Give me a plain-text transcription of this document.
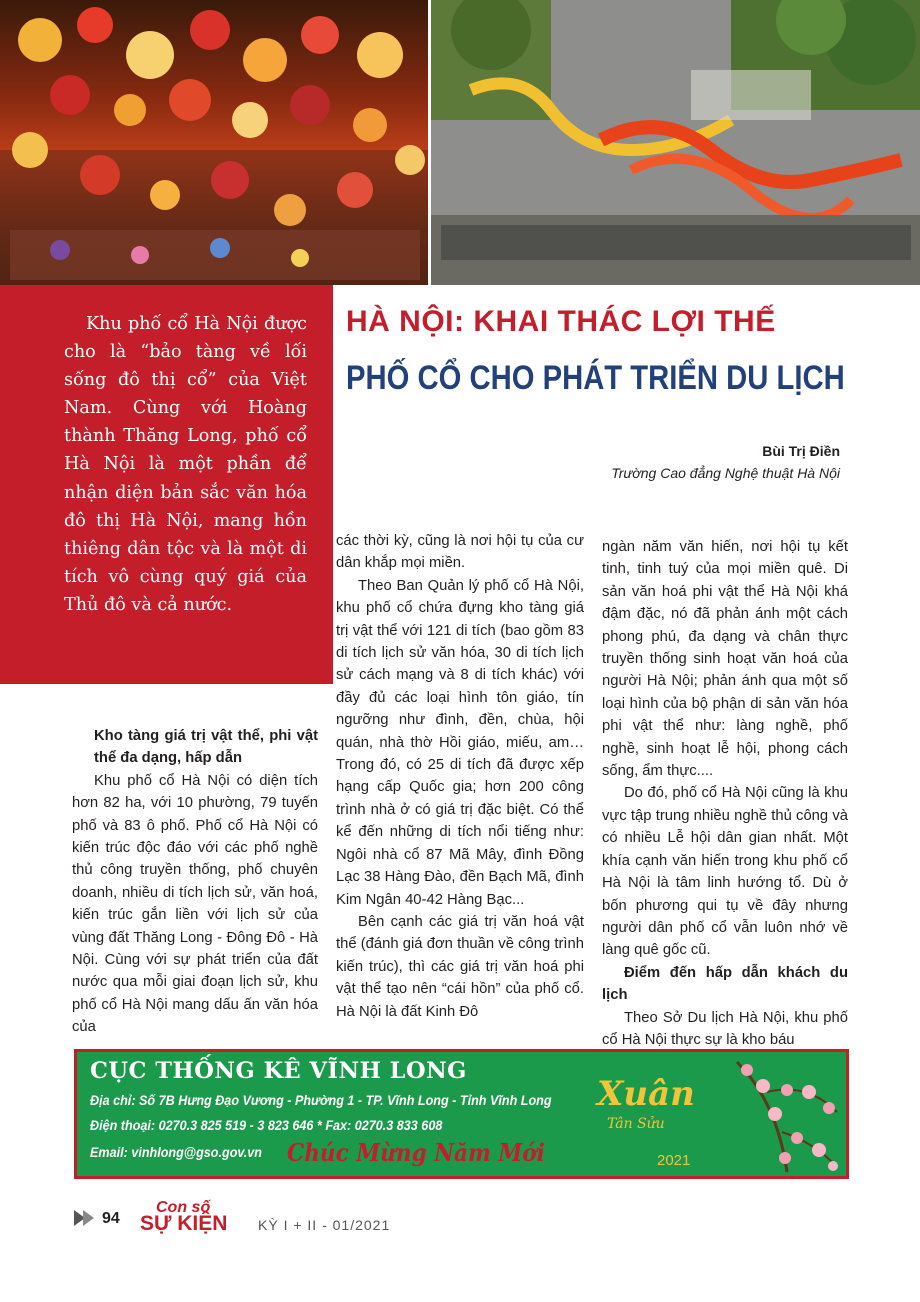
Khu phố cổ Hà Nội được cho là “bảo tàng về lối sống đô thị cổ” của Việt Nam. Cùng với Hoàng thành Thăng Long, phố cổ Hà Nội là một phần để nhận diện bản sắc văn hóa đô thị Hà Nội, mang hồn thiêng dân tộc và là một di tích vô cùng quý giá của Thủ đô và cả nước.

HÀ NỘI: KHAI THÁC LỢI THẾ
PHỐ CỔ CHO PHÁT TRIỂN DU LỊCH
Bùi Trị Điền
Trường Cao đẳng Nghệ thuật Hà Nội

Kho tàng giá trị vật thể, phi vật thể đa dạng, hấp dẫn

Khu phố cổ Hà Nội có diện tích hơn 82 ha, với 10 phường, 79 tuyến phố và 83 ô phố. Phố cổ Hà Nội có kiến trúc độc đáo với các phố nghề thủ công truyền thống, phố chuyên doanh, nhiều di tích lịch sử, văn hoá, kiến trúc gắn liền với lịch sử của vùng đất Thăng Long - Đông Đô - Hà Nội. Cùng với sự phát triển của đất nước qua mỗi giai đoạn lịch sử, khu phố cổ Hà Nội mang dấu ấn văn hóa của

các thời kỳ, cũng là nơi hội tụ của cư dân khắp mọi miền.

Theo Ban Quản lý phố cổ Hà Nội, khu phố cổ chứa đựng kho tàng giá trị vật thể với 121 di tích (bao gồm 83 di tích lịch sử văn hóa, 30 di tích lịch sử cách mạng và 8 di tích khác) với đầy đủ các loại hình tôn giáo, tín ngưỡng như đình, đền, chùa, hội quán, nhà thờ Hồi giáo, miếu, am… Trong đó, có 25 di tích đã được xếp hạng cấp Quốc gia; hơn 200 công trình nhà ở có giá trị đặc biệt. Có thể kể đến những di tích nổi tiếng như: Ngôi nhà cổ 87 Mã Mây, đình Đồng Lạc 38 Hàng Đào, đền Bạch Mã, đình Kim Ngân 40-42 Hàng Bạc...

Bên cạnh các giá trị văn hoá vật thể (đánh giá đơn thuần về công trình kiến trúc), thì các giá trị văn hoá phi vật thể tạo nên “cái hồn” của phố cổ. Hà Nội là đất Kinh Đô

ngàn năm văn hiến, nơi hội tụ kết tinh, tinh tuý của mọi miền quê. Di sản văn hoá phi vật thể Hà Nội khá đậm đặc, nó đã phản ánh một cách phong phú, đa dạng và chân thực truyền thống sinh hoạt văn hoá của người Hà Nội; phản ánh qua một số loại hình của bộ phận di sản văn hóa phi vật thể như: làng nghề, phố nghề, sinh hoạt lễ hội, phong cách sống, ẩm thực....

Do đó, phố cổ Hà Nội cũng là khu vực tập trung nhiều nghề thủ công và có nhiều Lễ hội dân gian nhất. Một khía cạnh văn hiến trong khu phố cổ Hà Nội là tâm linh hướng tổ. Dù ở bốn phương qui tụ về đây nhưng người dân phố cổ vẫn luôn nhớ về làng quê gốc cũ.

Điểm đến hấp dẫn khách du lịch

Theo Sở Du lịch Hà Nội, khu phố cổ Hà Nội thực sự là kho báu

CỤC THỐNG KÊ VĨNH LONG
Địa chỉ: Số 7B Hưng Đạo Vương - Phường 1 - TP. Vĩnh Long - Tỉnh Vĩnh Long
Điện thoại: 0270.3 825 519 - 3 823 646 * Fax: 0270.3 833 608
Email: vinhlong@gso.gov.vn Chúc Mừng Năm Mới
Xuân
Tân Sửu
2021
94
Con số
SỰ KIỆN KỲ I + II - 01/2021
